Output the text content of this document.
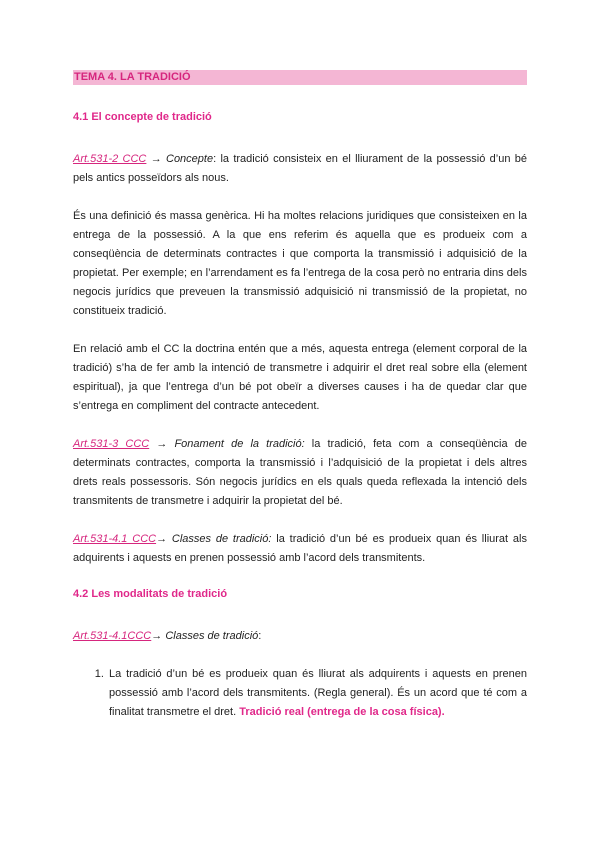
TEMA 4. LA TRADICIÓ
4.1 El concepte de tradició

Art.531-2 CCC → Concepte: la tradició consisteix en el lliurament de la possessió d’un bé pels antics posseïdors als nous.

És una definició és massa genèrica. Hi ha moltes relacions juridiques que consisteixen en la entrega de la possessió. A la que ens referim és aquella que es produeix com a conseqüència de determinats contractes i que comporta la transmissió i adquisició de la propietat. Per exemple; en l’arrendament es fa l’entrega de la cosa però no entraria dins dels negocis jurídics que preveuen la transmissió adquisició ni transmissió de la propietat, no constitueix tradició.

En relació amb el CC la doctrina entén que a més, aquesta entrega (element corporal de la tradició) s’ha de fer amb la intenció de transmetre i adquirir el dret real sobre ella (element espiritual), ja que l’entrega d’un bé pot obeïr a diverses causes i ha de quedar clar que s’entrega en compliment del contracte antecedent.

Art.531-3 CCC → Fonament de la tradició: la tradició, feta com a conseqüència de determinats contractes, comporta la transmissió i l’adquisició de la propietat i dels altres drets reals possessoris. Són negocis jurídics en els quals queda reflexada la intenció dels transmitents de transmetre i adquirir la propietat del bé.

Art.531-4.1 CCC→ Classes de tradició: la tradició d’un bé es produeix quan és lliurat als adquirents i aquests en prenen possessió amb l’acord dels transmitents.

4.2 Les modalitats de tradició

Art.531-4.1CCC→ Classes de tradició:

1. La tradició d’un bé es produeix quan és lliurat als adquirents i aquests en prenen possessió amb l’acord dels transmitents. (Regla general). És un acord que té com a finalitat transmetre el dret. Tradició real (entrega de la cosa física).
